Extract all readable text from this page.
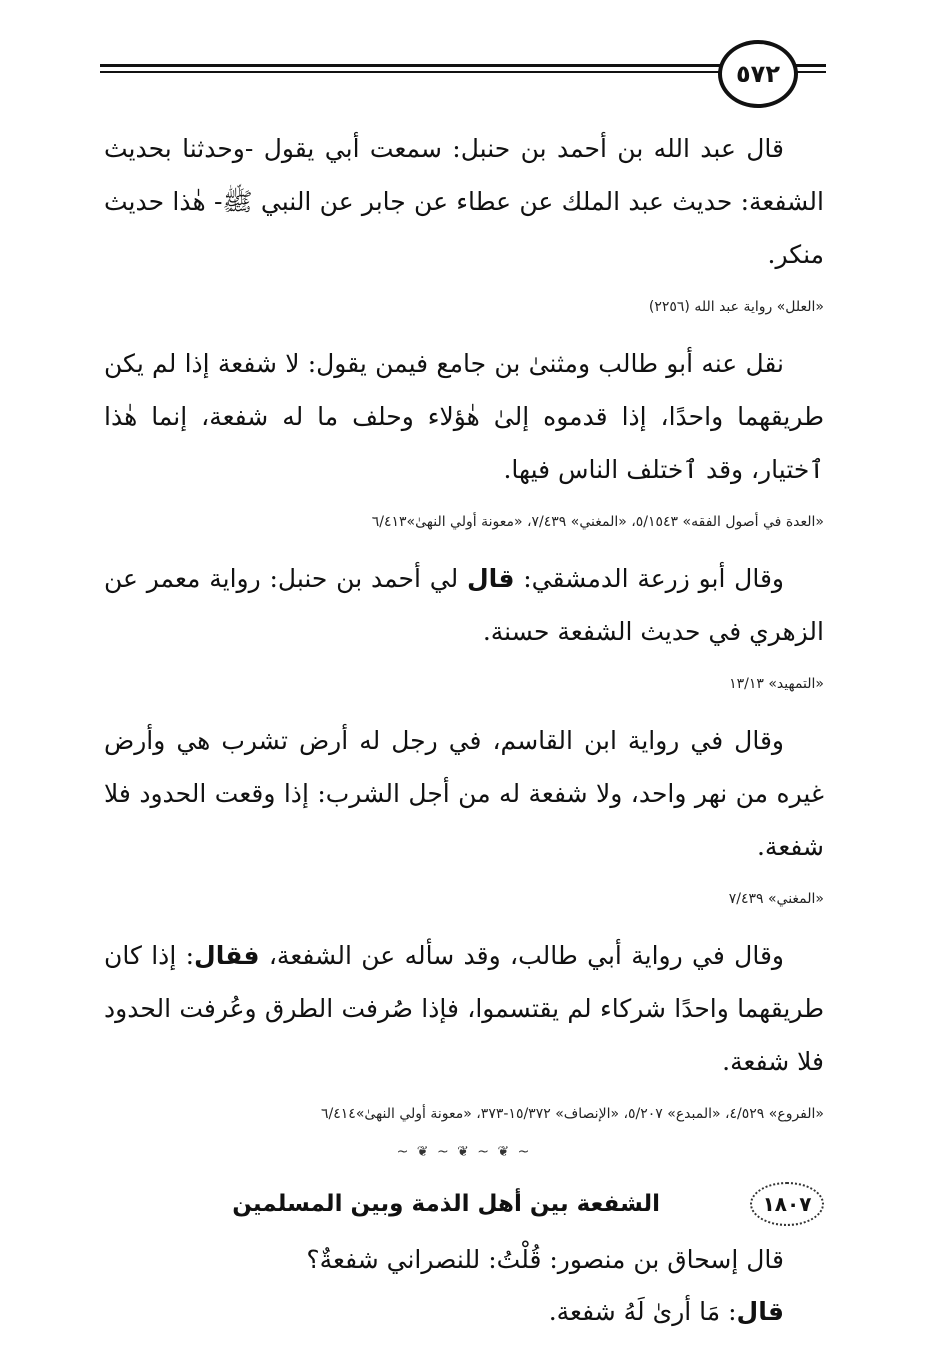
٥٧٢

قال عبد الله بن أحمد بن حنبل: سمعت أبي يقول -وحدثنا بحديث الشفعة: حديث عبد الملك عن عطاء عن جابر عن النبي ﷺ- هٰذا حديث منكر.

«العلل» رواية عبد الله (٢٢٥٦)

نقل عنه أبو طالب ومثنىٰ بن جامع فيمن يقول: لا شفعة إذا لم يكن طريقهما واحدًا، إذا قدموه إلىٰ هٰؤلاء وحلف ما له شفعة، إنما هٰذا ٱختيار، وقد ٱختلف الناس فيها.

«العدة في أصول الفقه» ٥/١٥٤٣، «المغني» ٧/٤٣٩، «معونة أولي النهىٰ»٦/٤١٣

وقال أبو زرعة الدمشقي: قال لي أحمد بن حنبل: رواية معمر عن الزهري في حديث الشفعة حسنة.

«التمهيد» ١٣/١٣

وقال في رواية ابن القاسم، في رجل له أرض تشرب هي وأرض غيره من نهر واحد، ولا شفعة له من أجل الشرب: إذا وقعت الحدود فلا شفعة.

«المغني» ٧/٤٣٩

وقال في رواية أبي طالب، وقد سأله عن الشفعة، فقال: إذا كان طريقهما واحدًا شركاء لم يقتسموا، فإذا صُرفت الطرق وعُرفت الحدود فلا شفعة.

«الفروع» ٤/٥٢٩، «المبدع» ٥/٢٠٧، «الإنصاف» ١٥/٣٧٢-٣٧٣، «معونة أولي النهىٰ»٦/٤١٤
~ ❦ ~ ❦ ~ ❦ ~
١٨٠٧
الشفعة بين أهل الذمة وبين المسلمين

قال إسحاق بن منصور: قُلْتُ: للنصراني شفعةٌ؟

قال: مَا أرىٰ لَهُ شفعة.
